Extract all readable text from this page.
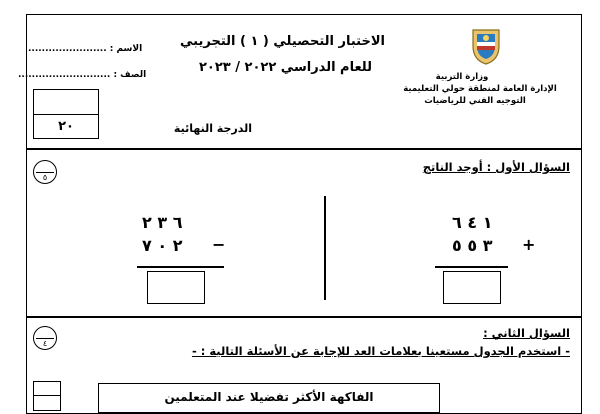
وزارة التربية
الإدارة العامة لمنطقة حولي التعليمية
التوجيه الفني للرياضيات
الاختبار التحصيلي ( ١ ) التجريبي
للعام الدراسي ٢٠٢٢ / ٢٠٢٣
الاسم : .......................
الصف : ...........................
الدرجة النهائية
٢٠
٥
السؤال الأول : أوجد الناتج
١ ٤ ٦
٣ ٥ ٥ +
٦ ٣ ٢
٢ ٠ ٧ −
٤
السؤال الثاني :
- استخدم الجدول مستعينا بعلامات العد للإجابة عن الأسئلة التالية : -
الفاكهة الأكثر تفضيلا عند المتعلمين
